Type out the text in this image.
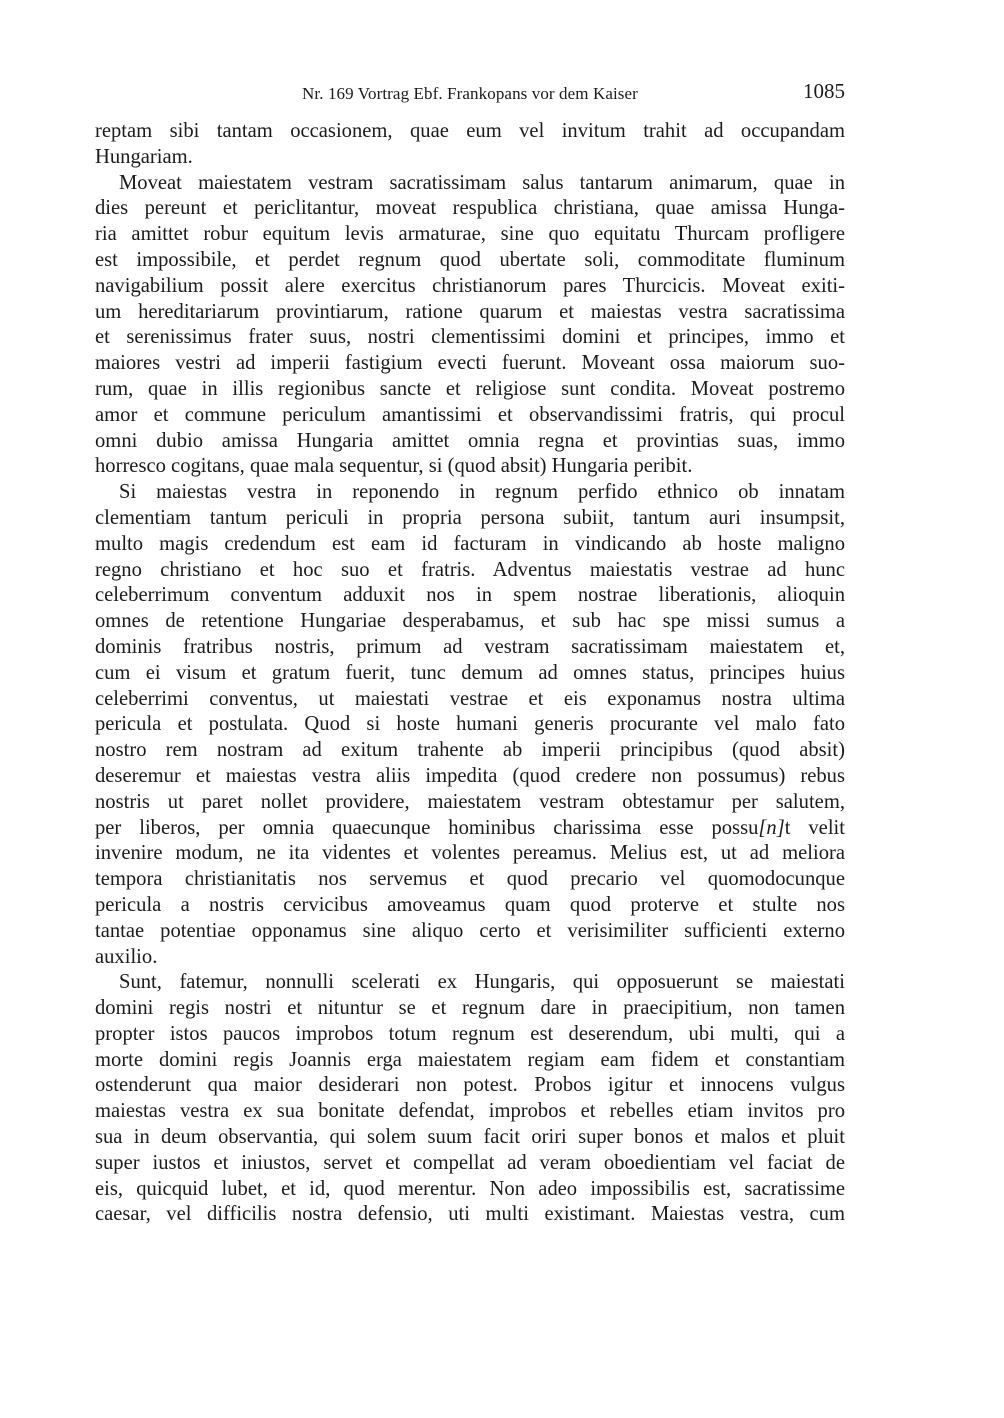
Nr. 169 Vortrag Ebf. Frankopans vor dem Kaiser	1085
reptam sibi tantam occasionem, quae eum vel invitum trahit ad occupandam
Hungariam.
Moveat maiestatem vestram sacratissimam salus tantarum animarum, quae in
dies pereunt et periclitantur, moveat respublica christiana, quae amissa Hunga-
ria amittet robur equitum levis armaturae, sine quo equitatu Thurcam profligere
est impossibile, et perdet regnum quod ubertate soli, commoditate fluminum
navigabilium possit alere exercitus christianorum pares Thurcicis. Moveat exiti-
um hereditariarum provintiarum, ratione quarum et maiestas vestra sacratissima
et serenissimus frater suus, nostri clementissimi domini et principes, immo et
maiores vestri ad imperii fastigium evecti fuerunt. Moveant ossa maiorum suo-
rum, quae in illis regionibus sancte et religiose sunt condita. Moveat postremo
amor et commune periculum amantissimi et observandissimi fratris, qui procul
omni dubio amissa Hungaria amittet omnia regna et provintias suas, immo
horresco cogitans, quae mala sequentur, si (quod absit) Hungaria peribit.
Si maiestas vestra in reponendo in regnum perfido ethnico ob innatam
clementiam tantum periculi in propria persona subiit, tantum auri insumpsit,
multo magis credendum est eam id facturam in vindicando ab hoste maligno
regno christiano et hoc suo et fratris. Adventus maiestatis vestrae ad hunc
celeberrimum conventum adduxit nos in spem nostrae liberationis, alioquin
omnes de retentione Hungariae desperabamus, et sub hac spe missi sumus a
dominis fratribus nostris, primum ad vestram sacratissimam maiestatem et,
cum ei visum et gratum fuerit, tunc demum ad omnes status, principes huius
celeberrimi conventus, ut maiestati vestrae et eis exponamus nostra ultima
pericula et postulata. Quod si hoste humani generis procurante vel malo fato
nostro rem nostram ad exitum trahente ab imperii principibus (quod absit)
deseremur et maiestas vestra aliis impedita (quod credere non possumus) rebus
nostris ut paret nollet providere, maiestatem vestram obtestamur per salutem,
per liberos, per omnia quaecunque hominibus charissima esse possu[n]t velit
invenire modum, ne ita videntes et volentes pereamus. Melius est, ut ad meliora
tempora christianitatis nos servemus et quod precario vel quomodocunque
pericula a nostris cervicibus amoveamus quam quod proterve et stulte nos
tantae potentiae opponamus sine aliquo certo et verisimiliter sufficienti externo
auxilio.
Sunt, fatemur, nonnulli scelerati ex Hungaris, qui opposuerunt se maiestati
domini regis nostri et nituntur se et regnum dare in praecipitium, non tamen
propter istos paucos improbos totum regnum est deserendum, ubi multi, qui a
morte domini regis Joannis erga maiestatem regiam eam fidem et constantiam
ostenderunt qua maior desiderari non potest. Probos igitur et innocens vulgus
maiestas vestra ex sua bonitate defendat, improbos et rebelles etiam invitos pro
sua in deum observantia, qui solem suum facit oriri super bonos et malos et pluit
super iustos et iniustos, servet et compellat ad veram oboedientiam vel faciat de
eis, quicquid lubet, et id, quod merentur. Non adeo impossibilis est, sacratissime
caesar, vel difficilis nostra defensio, uti multi existimant. Maiestas vestra, cum
